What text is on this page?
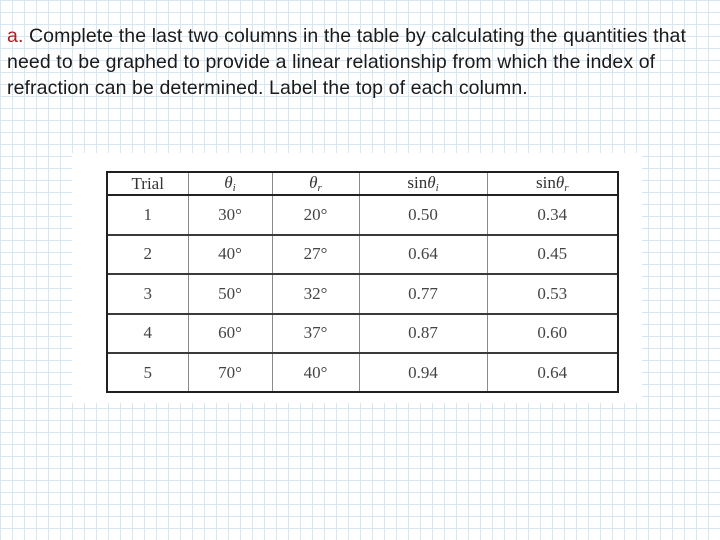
a. Complete the last two columns in the table by calculating the quantities that need to be graphed to provide a linear relationship from which the index of refraction can be determined. Label the top of each column.

Trial	$\theta_i$	$\theta_r$	sinθ$_i$	sinθ$_r$
1	30°	20°	0.50	0.34
2	40°	27°	0.64	0.45
3	50°	32°	0.77	0.53
4	60°	37°	0.87	0.60
5	70°	40°	0.94	0.64
